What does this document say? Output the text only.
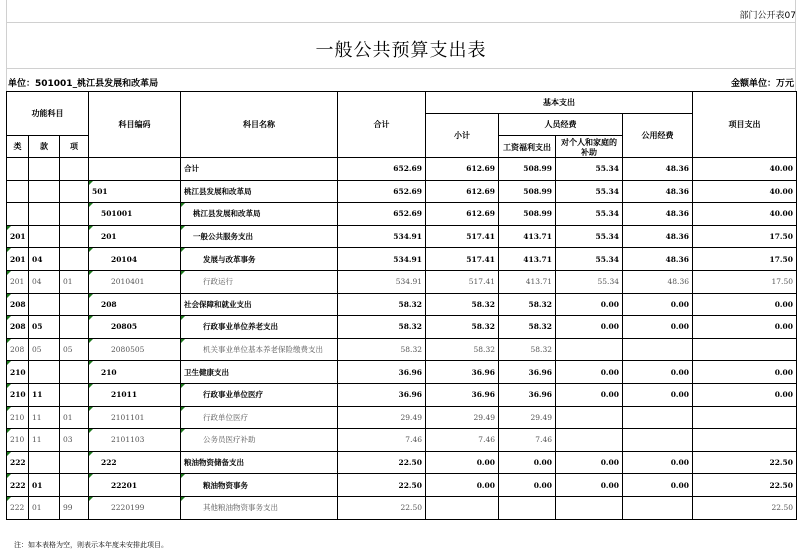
部门公开表07
一般公共预算支出表
单位：501001_桃江县发展和改革局	金额单位：万元
功能科目			科目编码	科目名称	合计	基本支出				项目支出
						小计	人员经费		公用经费	
类	款	项					工资福利支出	对个人和家庭的补助		
				合计	652.69	612.69	508.99	55.34	48.36	40.00
			501	桃江县发展和改革局	652.69	612.69	508.99	55.34	48.36	40.00
			501001	桃江县发展和改革局	652.69	612.69	508.99	55.34	48.36	40.00
201			201	一般公共服务支出	534.91	517.41	413.71	55.34	48.36	17.50
201	04		20104	发展与改革事务	534.91	517.41	413.71	55.34	48.36	17.50
201	04	01	2010401	行政运行	534.91	517.41	413.71	55.34	48.36	17.50
208			208	社会保障和就业支出	58.32	58.32	58.32	0.00	0.00	0.00
208	05		20805	行政事业单位养老支出	58.32	58.32	58.32	0.00	0.00	0.00
208	05	05	2080505	机关事业单位基本养老保险缴费支出	58.32	58.32	58.32			
210			210	卫生健康支出	36.96	36.96	36.96	0.00	0.00	0.00
210	11		21011	行政事业单位医疗	36.96	36.96	36.96	0.00	0.00	0.00
210	11	01	2101101	行政单位医疗	29.49	29.49	29.49			
210	11	03	2101103	公务员医疗补助	7.46	7.46	7.46			
222			222	粮油物资储备支出	22.50	0.00	0.00	0.00	0.00	22.50
222	01		22201	粮油物资事务	22.50	0.00	0.00	0.00	0.00	22.50
222	01	99	2220199	其他粮油物资事务支出	22.50					22.50
注：如本表格为空，则表示本年度未安排此项目。
